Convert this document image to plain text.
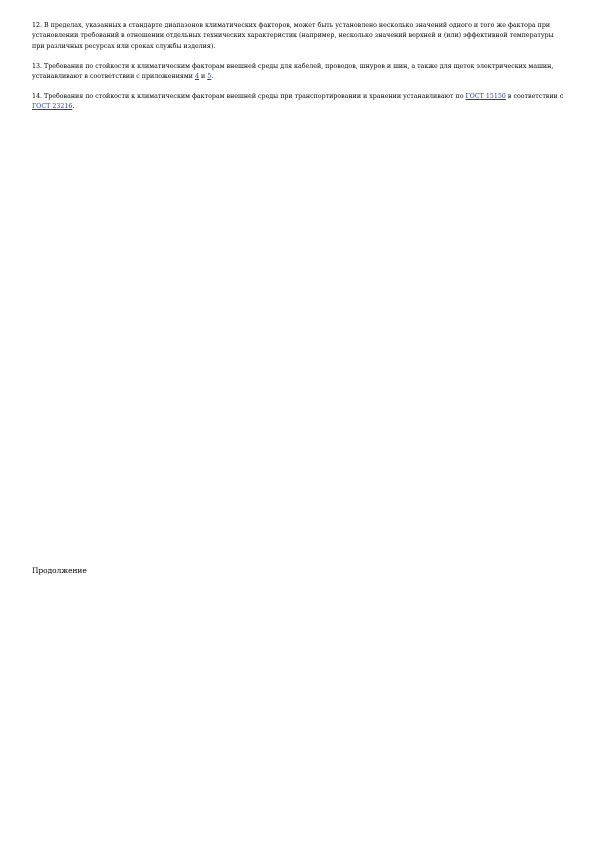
12. В пределах, указанных в стандарте диапазонов климатических факторов, может быть установлено несколько значений одного и того же фактора при установлении требований в отношении отдельных технических характеристик (например, несколько значений верхней и (или) эффективной температуры при различных ресурсах или сроках службы изделия).

13. Требования по стойкости к климатическим факторам внешней среды для кабелей, проводов, шнуров и шин, а также для щеток электрических машин, устанавливают в соответствии с приложениями 4 и 5.

14. Требования по стойкости к климатическим факторам внешней среды при транспортировании и хранении устанавливают по ГОСТ 15150 в соответствии с ГОСТ 23216.

Продолжение
